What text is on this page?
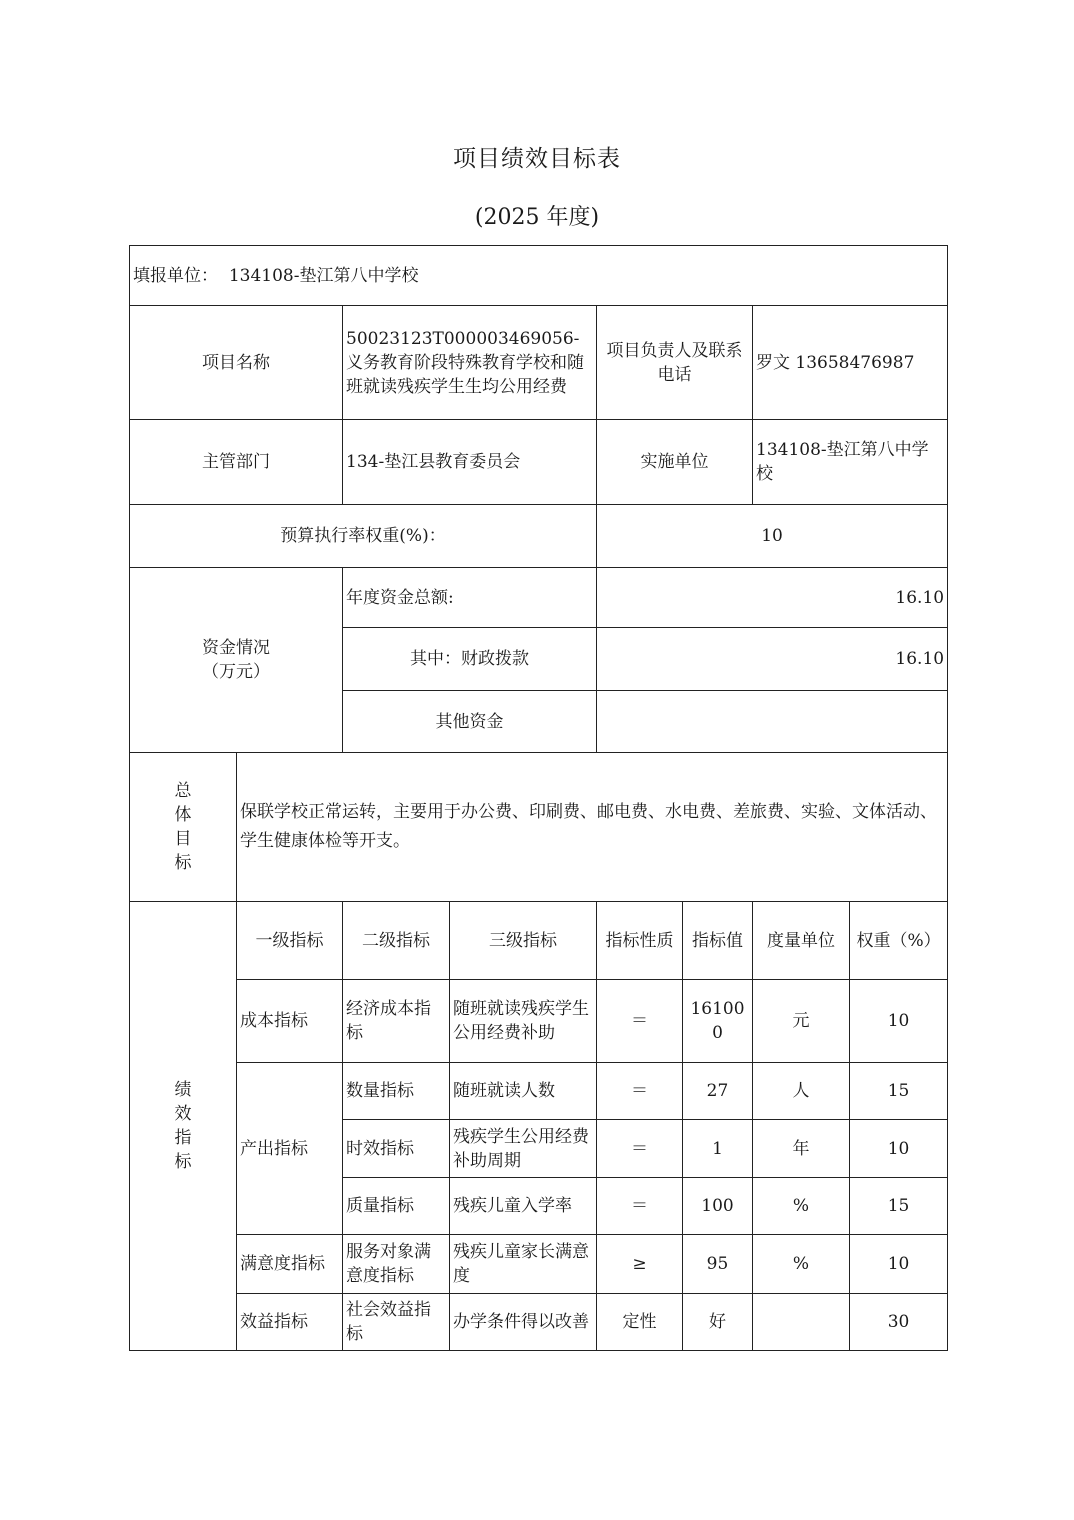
项目绩效目标表
(2025 年度)
填报单位： 134108-垫江第八中学校							
项目名称		50023123T000003469056-义务教育阶段特殊教育学校和随班就读残疾学生生均公用经费		项目负责人及联系电话		罗文 13658476987	
主管部门		134-垫江县教育委员会		实施单位		134108-垫江第八中学校	
预算执行率权重(%)：				10			

资金情况
（万元）		年度资金总额:		16.10			
		其中：财政拨款		16.10			
		其他资金					

总
体
目
标	保联学校正常运转，主要用于办公费、印刷费、邮电费、水电费、差旅费、实验、文体活动、学生健康体检等开支。						

绩
效
指
标	一级指标	二级指标	三级指标	指标性质	指标值	度量单位	权重（%）
	成本指标	经济成本指标	随班就读残疾学生公用经费补助	＝	161000	元	10
	产出指标	数量指标	随班就读人数	＝	27	人	15
		时效指标	残疾学生公用经费补助周期	＝	1	年	10
		质量指标	残疾儿童入学率	＝	100	%	15
	满意度指标	服务对象满意度指标	残疾儿童家长满意度	≥	95	%	10
	效益指标	社会效益指标	办学条件得以改善	定性	好		30
